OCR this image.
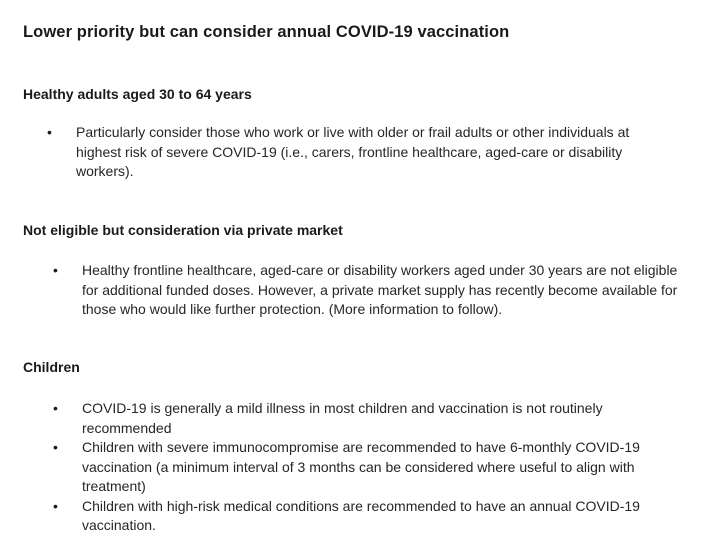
Lower priority but can consider annual COVID-19 vaccination
Healthy adults aged 30 to 64 years
• Particularly consider those who work or live with older or frail adults or other individuals at highest risk of severe COVID-19 (i.e., carers, frontline healthcare, aged-care or disability workers).
Not eligible but consideration via private market
• Healthy frontline healthcare, aged-care or disability workers aged under 30 years are not eligible for additional funded doses. However, a private market supply has recently become available for those who would like further protection. (More information to follow).
Children
• COVID-19 is generally a mild illness in most children and vaccination is not routinely recommended
• Children with severe immunocompromise are recommended to have 6-monthly COVID-19 vaccination (a minimum interval of 3 months can be considered where useful to align with treatment)
• Children with high-risk medical conditions are recommended to have an annual COVID-19 vaccination.
